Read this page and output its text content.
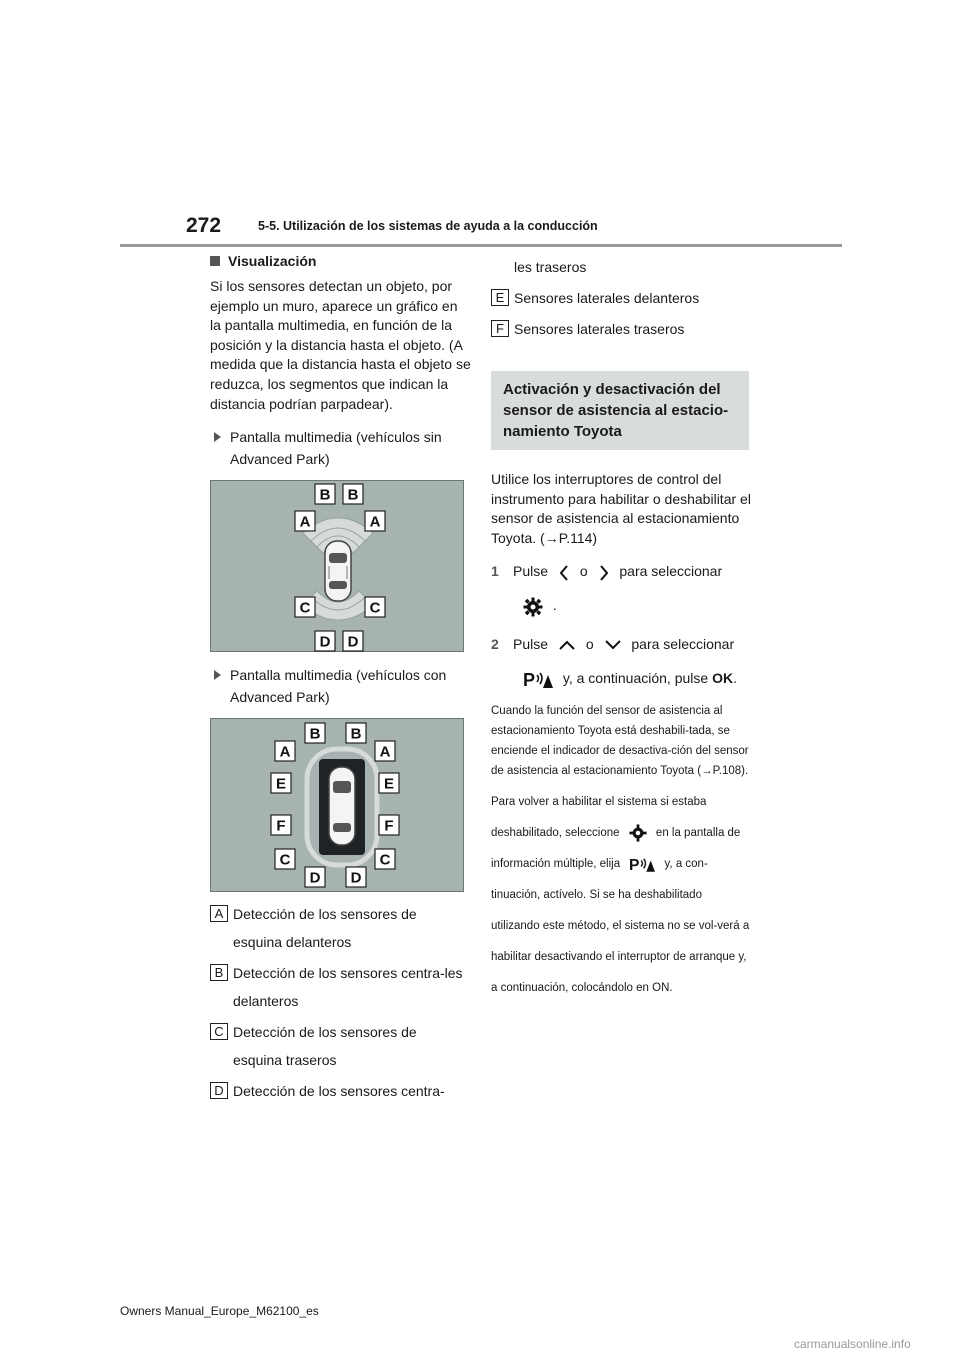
272	5-5. Utilización de los sistemas de ayuda a la conducción
Visualización

Si los sensores detectan un objeto, por ejemplo un muro, aparece un gráfico en la pantalla multimedia, en función de la posición y la distancia hasta el objeto. (A medida que la distancia hasta el objeto se reduzca, los segmentos que indican la distancia podrían parpadear).

Pantalla multimedia (vehículos sin Advanced Park)
B B
A	A
C	C
D D
Pantalla multimedia (vehículos con Advanced Park)
B B
A	A
E	E
F	F
C	C
D D
A Detección de los sensores de esquina delanteros
B Detección de los sensores centra-les delanteros
C Detección de los sensores de esquina traseros
D Detección de los sensores centra-
les traseros
E Sensores laterales delanteros
F Sensores laterales traseros
Activación y desactivación del sensor de asistencia al estacio-namiento Toyota

Utilice los interruptores de control del instrumento para habilitar o deshabilitar el sensor de asistencia al estacionamiento Toyota. (→P.114)

1	Pulse o para seleccionar
.
2	Pulse	o	para seleccionar
P y, a continuación, pulse OK.

Cuando la función del sensor de asistencia al estacionamiento Toyota está deshabili-tada, se enciende el indicador de desactiva-ción del sensor de asistencia al estacionamiento Toyota (→P.108).

Para volver a habilitar el sistema si estaba deshabilitado, seleccione	en la pantalla de información múltiple, elija P y, a con-tinuación, actívelo. Si se ha deshabilitado utilizando este método, el sistema no se vol-verá a habilitar desactivando el interruptor de arranque y, a continuación, colocándolo en ON.

Owners Manual_Europe_M62100_es
carmanualsonline.info
